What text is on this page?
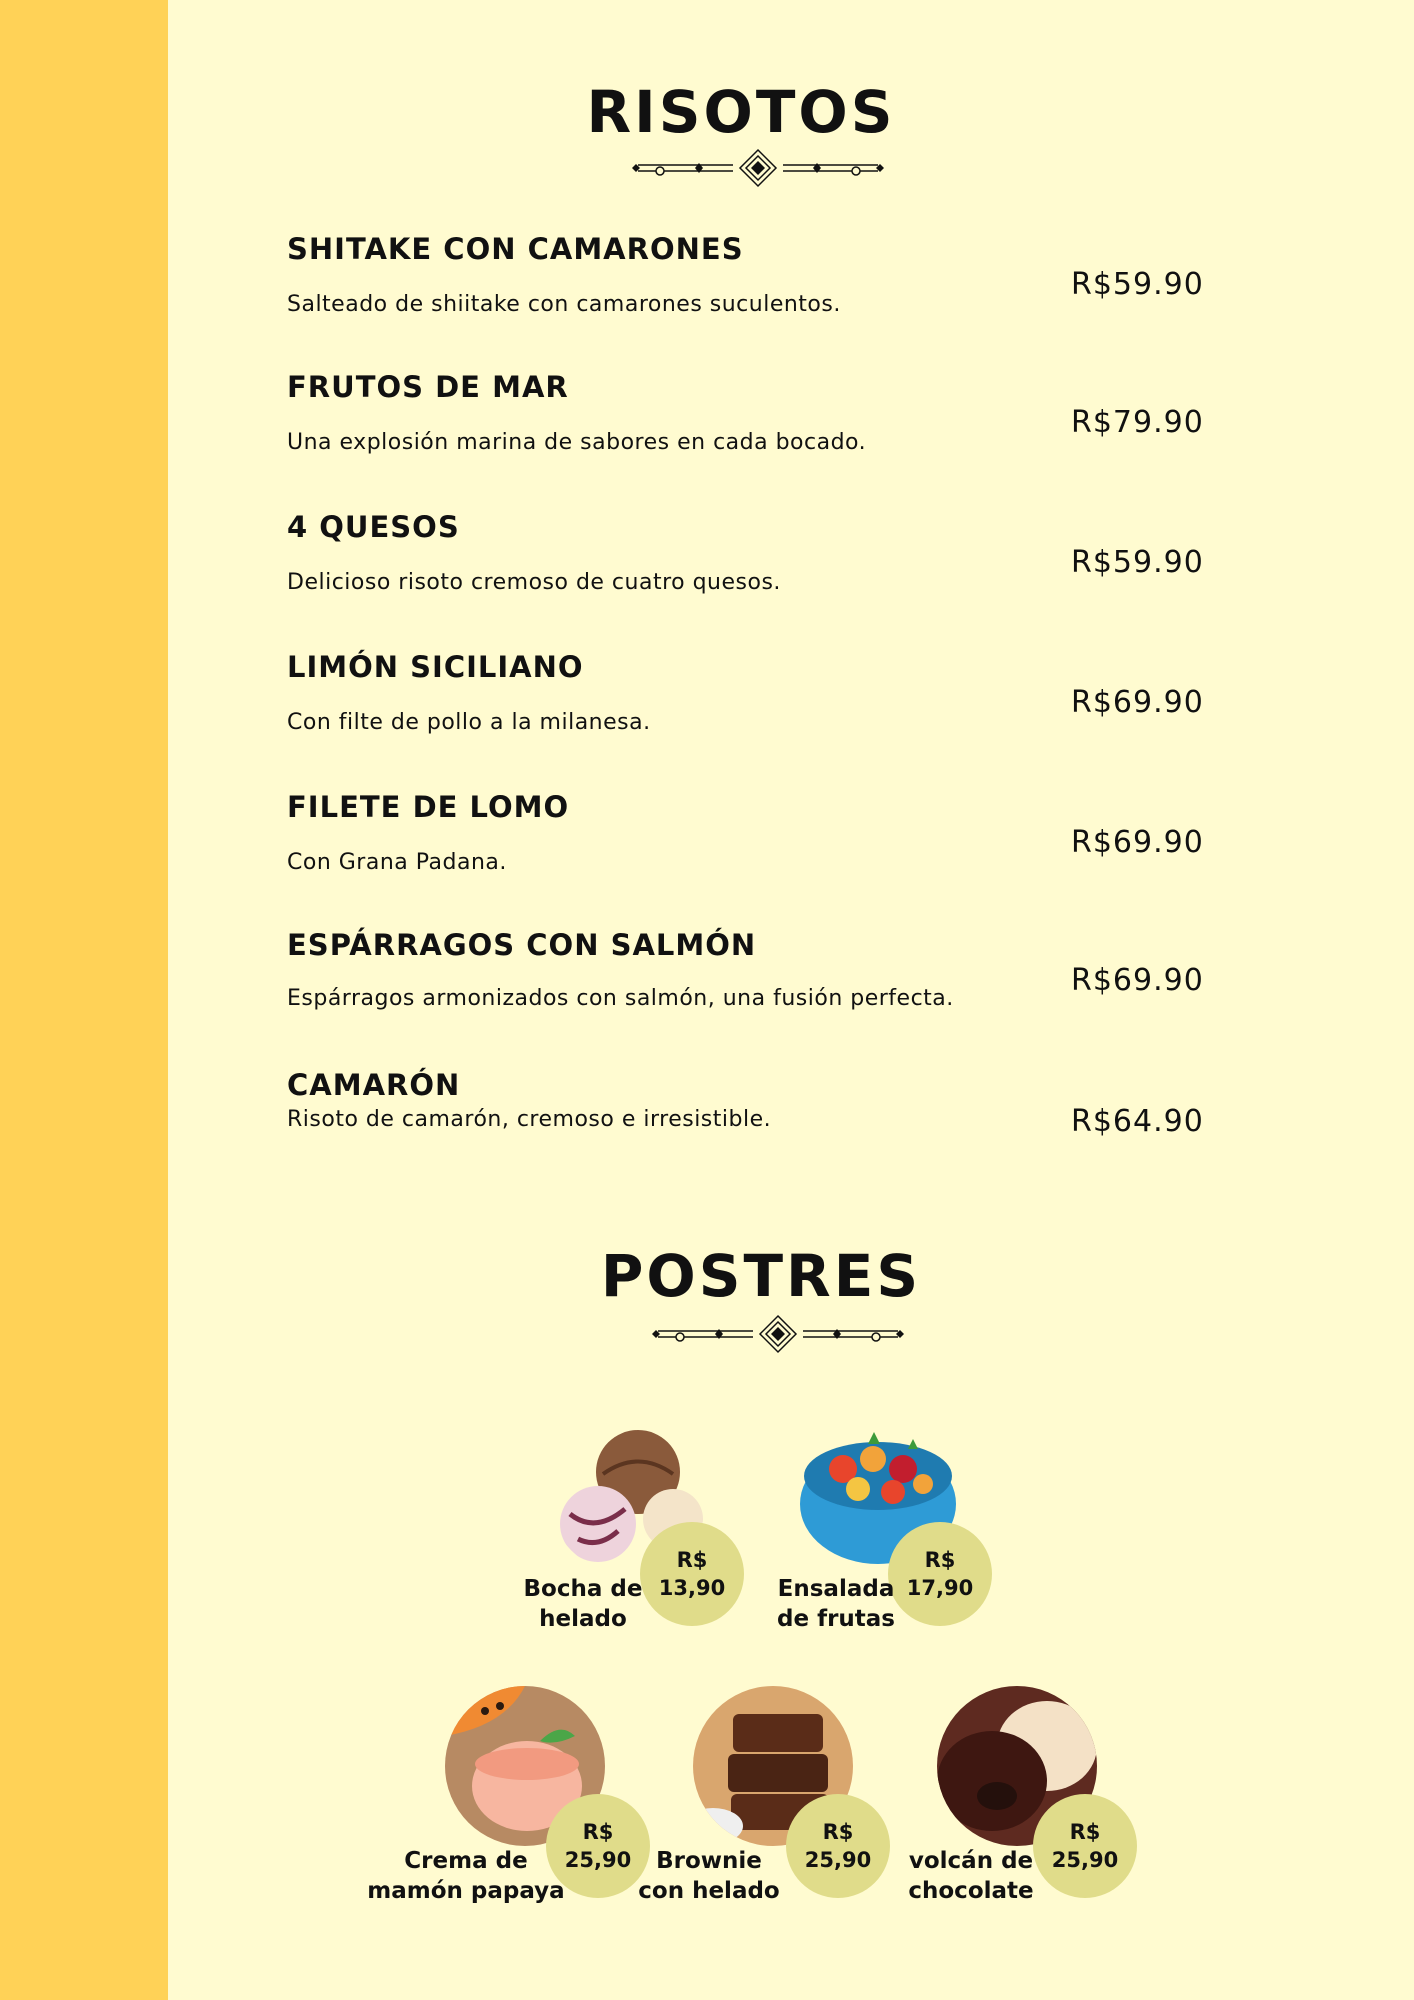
RISOTOS
SHITAKE CON CAMARONES
Salteado de shiitake con camarones suculentos.
R$59.90
FRUTOS DE MAR
Una explosión marina de sabores en cada bocado.
R$79.90
4 QUESOS
Delicioso risoto cremoso de cuatro quesos.
R$59.90
LIMÓN SICILIANO
Con filte de pollo a la milanesa.
R$69.90
FILETE DE LOMO
Con Grana Padana.
R$69.90
ESPÁRRAGOS CON SALMÓN
Espárragos armonizados con salmón, una fusión perfecta.
R$69.90
CAMARÓN
Risoto de camarón, cremoso e irresistible.	R$64.90
POSTRES
R$
13,90
Bocha de
helado
R$
17,90
Ensalada
de frutas
R$
25,90
Crema de
mamón papaya
R$
25,90
Brownie
con helado
R$
25,90
volcán de
chocolate
